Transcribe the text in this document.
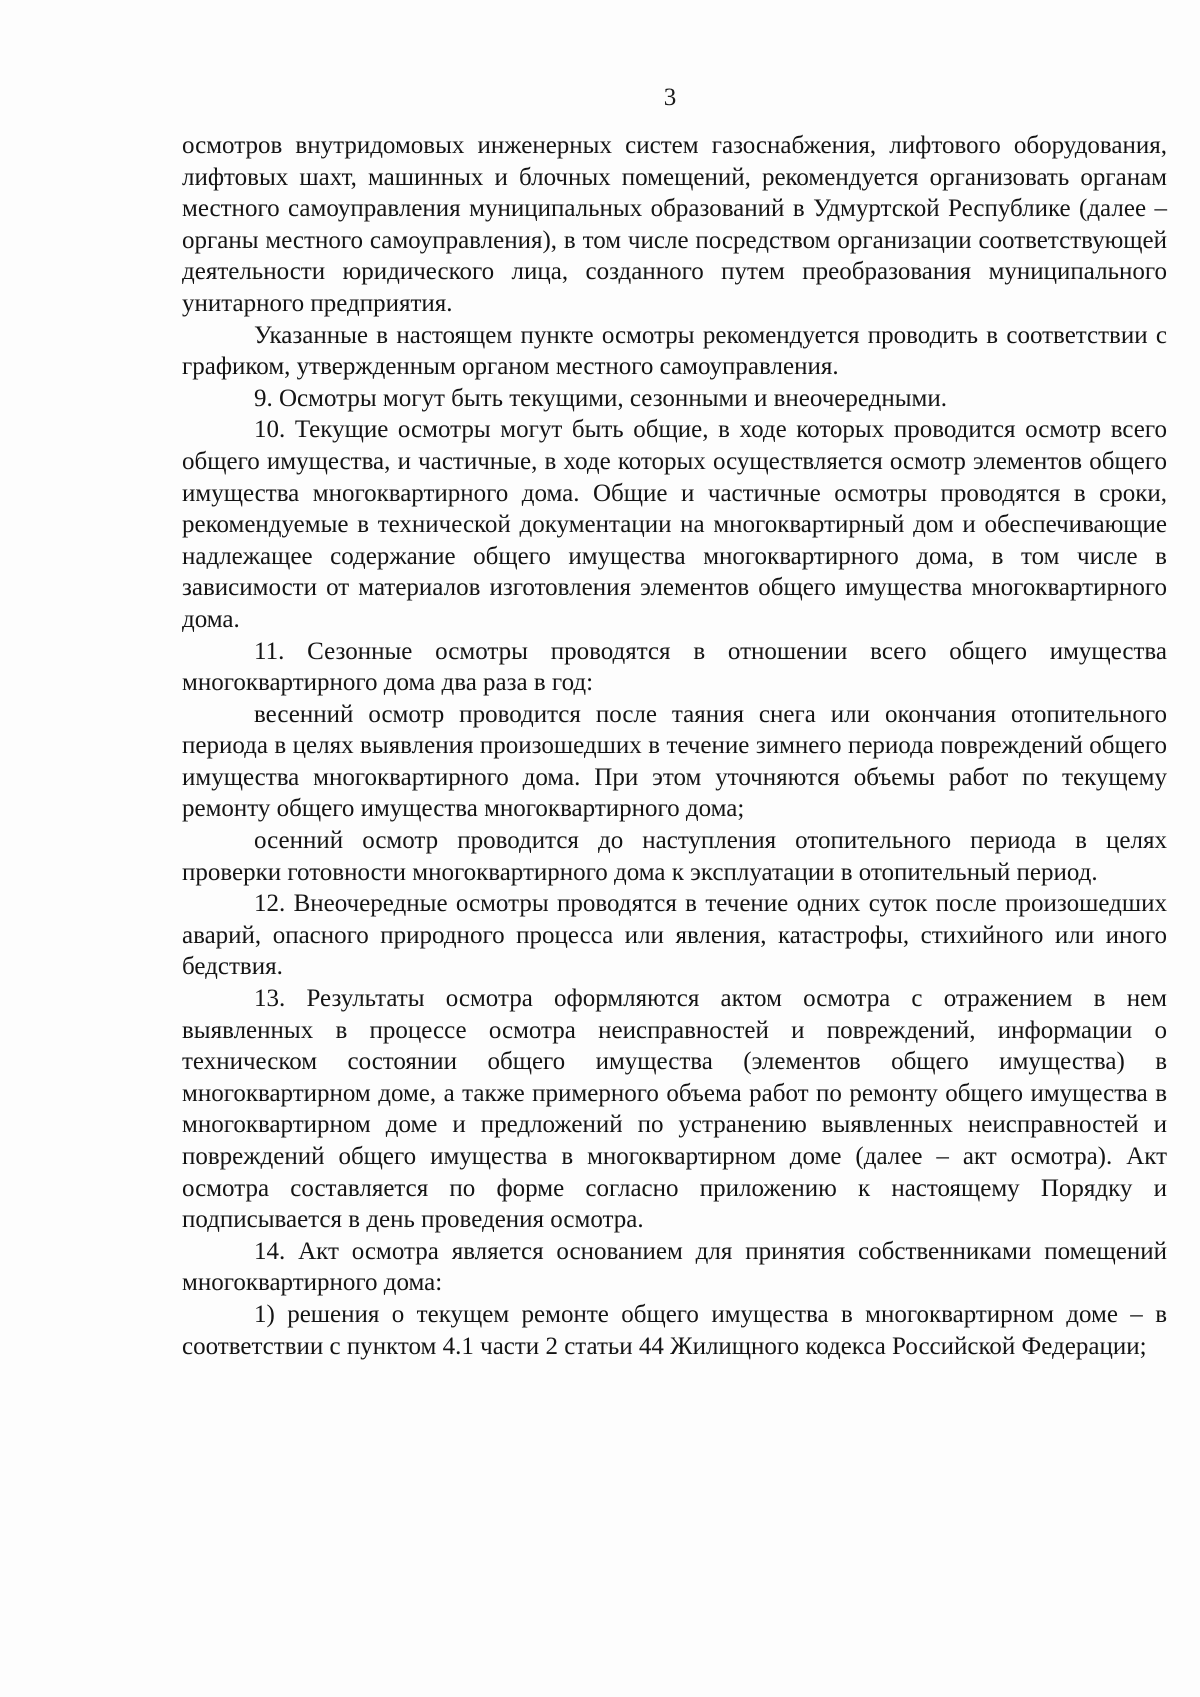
3

осмотров внутридомовых инженерных систем газоснабжения, лифтового оборудования, лифтовых шахт, машинных и блочных помещений, рекомендуется организовать органам местного самоуправления муниципальных образований в Удмуртской Республике (далее – органы местного самоуправления), в том числе посредством организации соответствующей деятельности юридического лица, созданного путем преобразования муниципального унитарного предприятия.

Указанные в настоящем пункте осмотры рекомендуется проводить в соответствии с графиком, утвержденным органом местного самоуправления.

9. Осмотры могут быть текущими, сезонными и внеочередными.

10. Текущие осмотры могут быть общие, в ходе которых проводится осмотр всего общего имущества, и частичные, в ходе которых осуществляется осмотр элементов общего имущества многоквартирного дома. Общие и частичные осмотры проводятся в сроки, рекомендуемые в технической документации на многоквартирный дом и обеспечивающие надлежащее содержание общего имущества многоквартирного дома, в том числе в зависимости от материалов изготовления элементов общего имущества многоквартирного дома.

11. Сезонные осмотры проводятся в отношении всего общего имущества многоквартирного дома два раза в год:

весенний осмотр проводится после таяния снега или окончания отопительного периода в целях выявления произошедших в течение зимнего периода повреждений общего имущества многоквартирного дома. При этом уточняются объемы работ по текущему ремонту общего имущества многоквартирного дома;

осенний осмотр проводится до наступления отопительного периода в целях проверки готовности многоквартирного дома к эксплуатации в отопительный период.

12. Внеочередные осмотры проводятся в течение одних суток после произошедших аварий, опасного природного процесса или явления, катастрофы, стихийного или иного бедствия.

13. Результаты осмотра оформляются актом осмотра с отражением в нем выявленных в процессе осмотра неисправностей и повреждений, информации о техническом состоянии общего имущества (элементов общего имущества) в многоквартирном доме, а также примерного объема работ по ремонту общего имущества в многоквартирном доме и предложений по устранению выявленных неисправностей и повреждений общего имущества в многоквартирном доме (далее – акт осмотра). Акт осмотра составляется по форме согласно приложению к настоящему Порядку и подписывается в день проведения осмотра.

14. Акт осмотра является основанием для принятия собственниками помещений многоквартирного дома:

1) решения о текущем ремонте общего имущества в многоквартирном доме – в соответствии с пунктом 4.1 части 2 статьи 44 Жилищного кодекса Российской Федерации;
